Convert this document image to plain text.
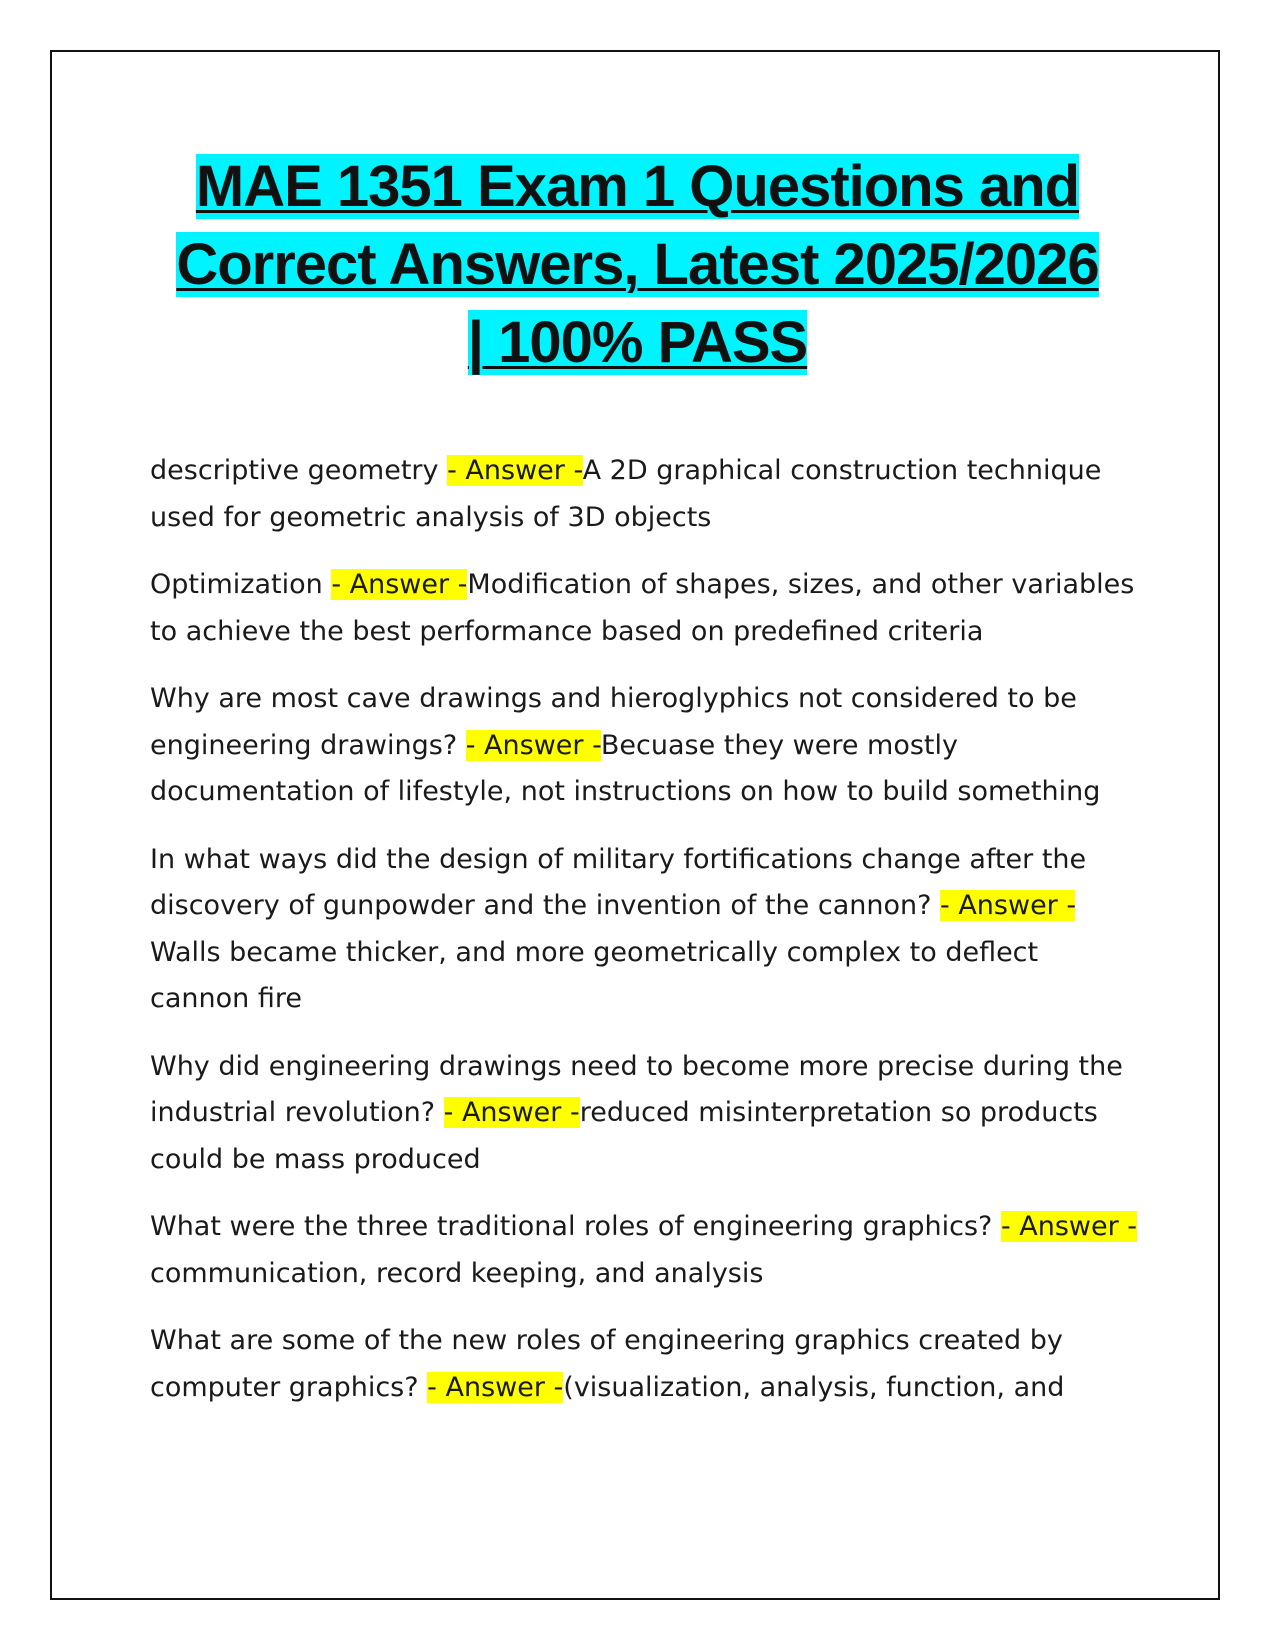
MAE 1351 Exam 1 Questions and
Correct Answers, Latest 2025/2026
| 100% PASS

descriptive geometry - Answer -A 2D graphical construction technique used for geometric analysis of 3D objects

Optimization - Answer -Modification of shapes, sizes, and other variables to achieve the best performance based on predefined criteria

Why are most cave drawings and hieroglyphics not considered to be engineering drawings? - Answer -Becuase they were mostly documentation of lifestyle, not instructions on how to build something

In what ways did the design of military fortifications change after the discovery of gunpowder and the invention of the cannon? - Answer -Walls became thicker, and more geometrically complex to deflect cannon fire

Why did engineering drawings need to become more precise during the industrial revolution? - Answer -reduced misinterpretation so products could be mass produced

What were the three traditional roles of engineering graphics? - Answer -communication, record keeping, and analysis

What are some of the new roles of engineering graphics created by computer graphics? - Answer -(visualization, analysis, function, and
